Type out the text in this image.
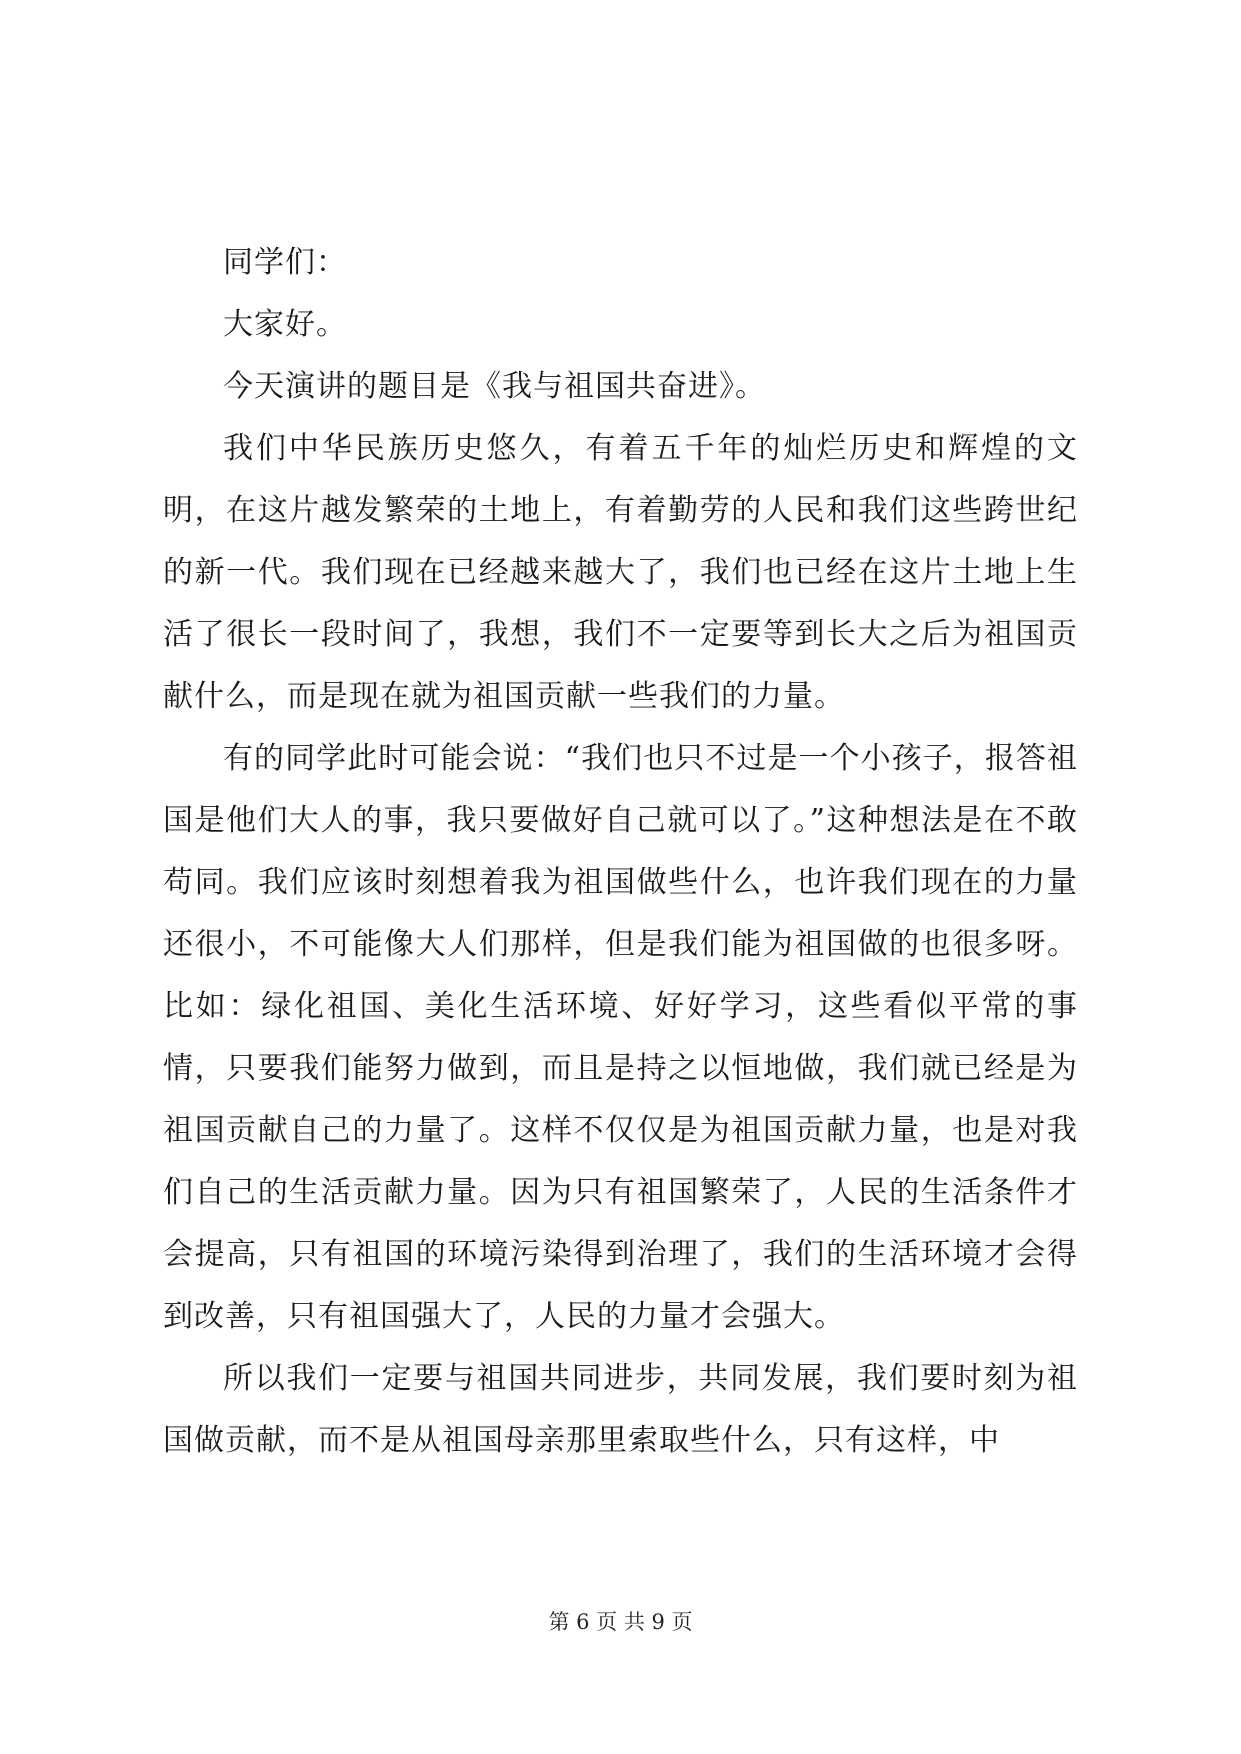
同学们：

大家好。

今天演讲的题目是《我与祖国共奋进》。

我们中华民族历史悠久，有着五千年的灿烂历史和辉煌的文明，在这片越发繁荣的土地上，有着勤劳的人民和我们这些跨世纪的新一代。我们现在已经越来越大了，我们也已经在这片土地上生活了很长一段时间了，我想，我们不一定要等到长大之后为祖国贡献什么，而是现在就为祖国贡献一些我们的力量。

有的同学此时可能会说：“我们也只不过是一个小孩子，报答祖国是他们大人的事，我只要做好自己就可以了。”这种想法是在不敢苟同。我们应该时刻想着我为祖国做些什么，也许我们现在的力量还很小，不可能像大人们那样，但是我们能为祖国做的也很多呀。比如：绿化祖国、美化生活环境、好好学习，这些看似平常的事情，只要我们能努力做到，而且是持之以恒地做，我们就已经是为祖国贡献自己的力量了。这样不仅仅是为祖国贡献力量，也是对我们自己的生活贡献力量。因为只有祖国繁荣了，人民的生活条件才会提高，只有祖国的环境污染得到治理了，我们的生活环境才会得到改善，只有祖国强大了，人民的力量才会强大。

所以我们一定要与祖国共同进步，共同发展，我们要时刻为祖国做贡献，而不是从祖国母亲那里索取些什么，只有这样，中

第 6 页 共 9 页
